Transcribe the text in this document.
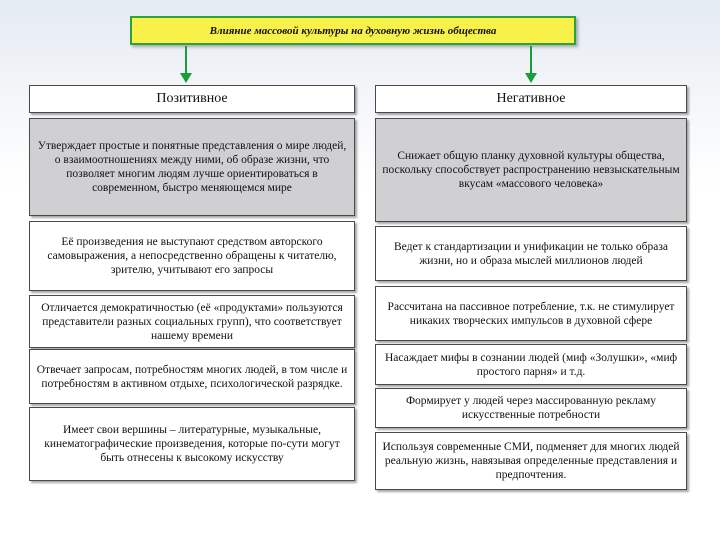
Влияние массовой культуры на духовную жизнь общества
Позитивное	Негативное
Утверждает простые и понятные представления о мире людей, о взаимоотношениях между ними, об образе жизни, что позволяет многим людям лучше ориентироваться в современном, быстро меняющемся мире
Её произведения не выступают средством авторского самовыражения, а непосредственно обращены к читателю, зрителю, учитывают его запросы
Отличается демократичностью (её «продуктами» пользуются представители разных социальных групп), что соответствует нашему времени
Отвечает запросам, потребностям многих людей, в том числе и потребностям в активном отдыхе, психологической разрядке.
Имеет свои вершины – литературные, музыкальные, кинематографические произведения, которые по-сути могут быть отнесены к высокому искусству
Снижает общую планку духовной культуры общества, поскольку способствует распространению невзыскательным вкусам «массового человека»
Ведет к стандартизации и унификации не только образа жизни, но и образа мыслей миллионов людей
Рассчитана на пассивное потребление, т.к. не стимулирует никаких творческих импульсов в духовной сфере
Насаждает мифы в сознании людей (миф «Золушки», «миф простого парня» и т.д.
Формирует у людей через массированную рекламу искусственные потребности
Используя современные СМИ, подменяет для многих людей реальную жизнь, навязывая определенные представления и предпочтения.
